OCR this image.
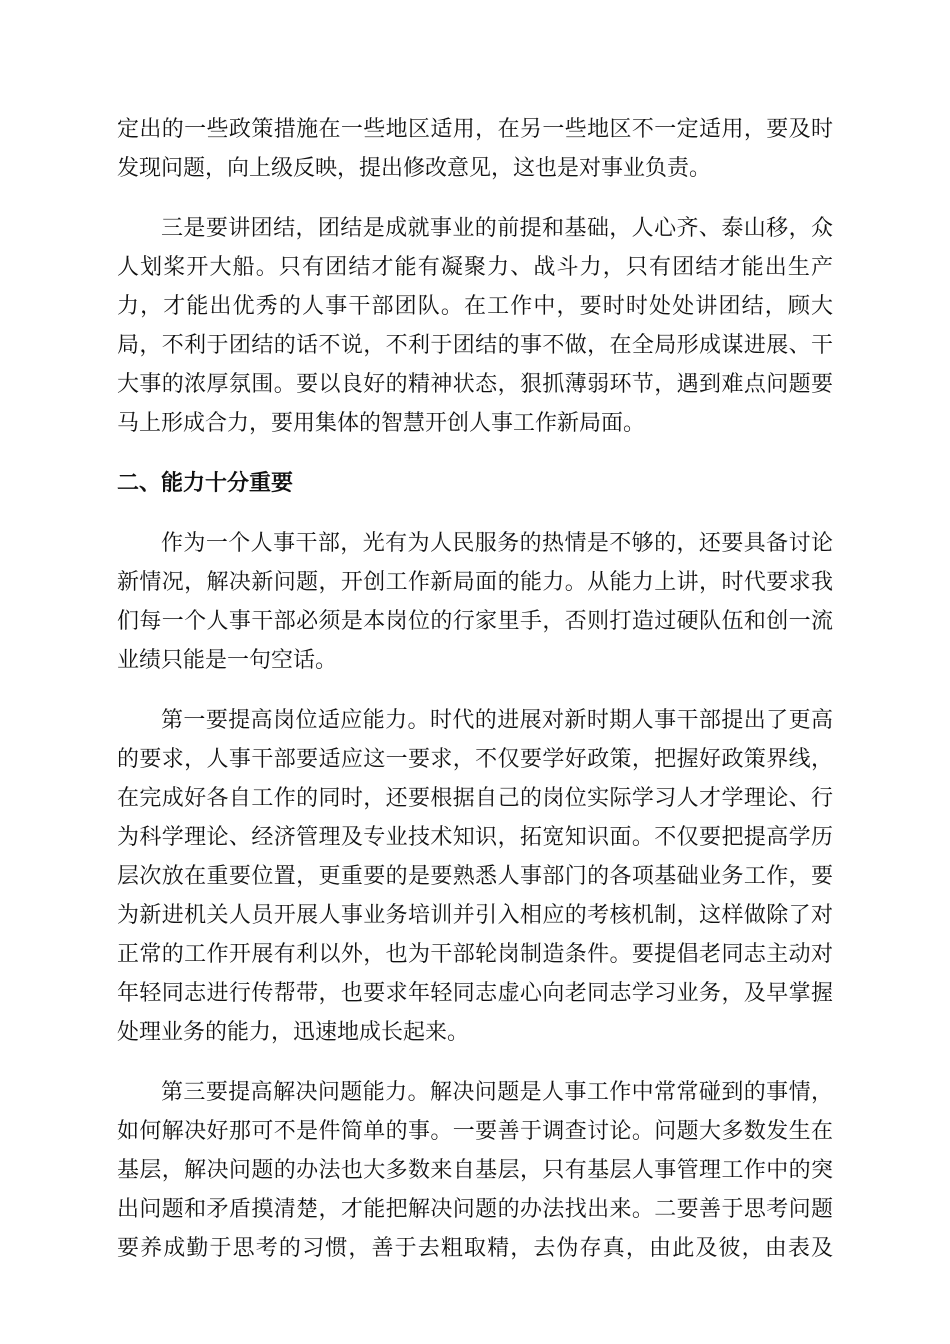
定出的一些政策措施在一些地区适用，在另一些地区不一定适用，要及时
发现问题，向上级反映，提出修改意见，这也是对事业负责。
三是要讲团结，团结是成就事业的前提和基础，人心齐、泰山移，众
人划桨开大船。只有团结才能有凝聚力、战斗力，只有团结才能出生产
力，才能出优秀的人事干部团队。在工作中，要时时处处讲团结，顾大
局，不利于团结的话不说，不利于团结的事不做，在全局形成谋进展、干
大事的浓厚氛围。要以良好的精神状态，狠抓薄弱环节，遇到难点问题要
马上形成合力，要用集体的智慧开创人事工作新局面。
二、能力十分重要
作为一个人事干部，光有为人民服务的热情是不够的，还要具备讨论
新情况，解决新问题，开创工作新局面的能力。从能力上讲，时代要求我
们每一个人事干部必须是本岗位的行家里手，否则打造过硬队伍和创一流
业绩只能是一句空话。
第一要提高岗位适应能力。时代的进展对新时期人事干部提出了更高
的要求，人事干部要适应这一要求，不仅要学好政策，把握好政策界线，
在完成好各自工作的同时，还要根据自己的岗位实际学习人才学理论、行
为科学理论、经济管理及专业技术知识，拓宽知识面。不仅要把提高学历
层次放在重要位置，更重要的是要熟悉人事部门的各项基础业务工作，要
为新进机关人员开展人事业务培训并引入相应的考核机制，这样做除了对
正常的工作开展有利以外，也为干部轮岗制造条件。要提倡老同志主动对
年轻同志进行传帮带，也要求年轻同志虚心向老同志学习业务，及早掌握
处理业务的能力，迅速地成长起来。
第三要提高解决问题能力。解决问题是人事工作中常常碰到的事情，
如何解决好那可不是件简单的事。一要善于调查讨论。问题大多数发生在
基层，解决问题的办法也大多数来自基层，只有基层人事管理工作中的突
出问题和矛盾摸清楚，才能把解决问题的办法找出来。二要善于思考问题
要养成勤于思考的习惯，善于去粗取精，去伪存真，由此及彼，由表及
